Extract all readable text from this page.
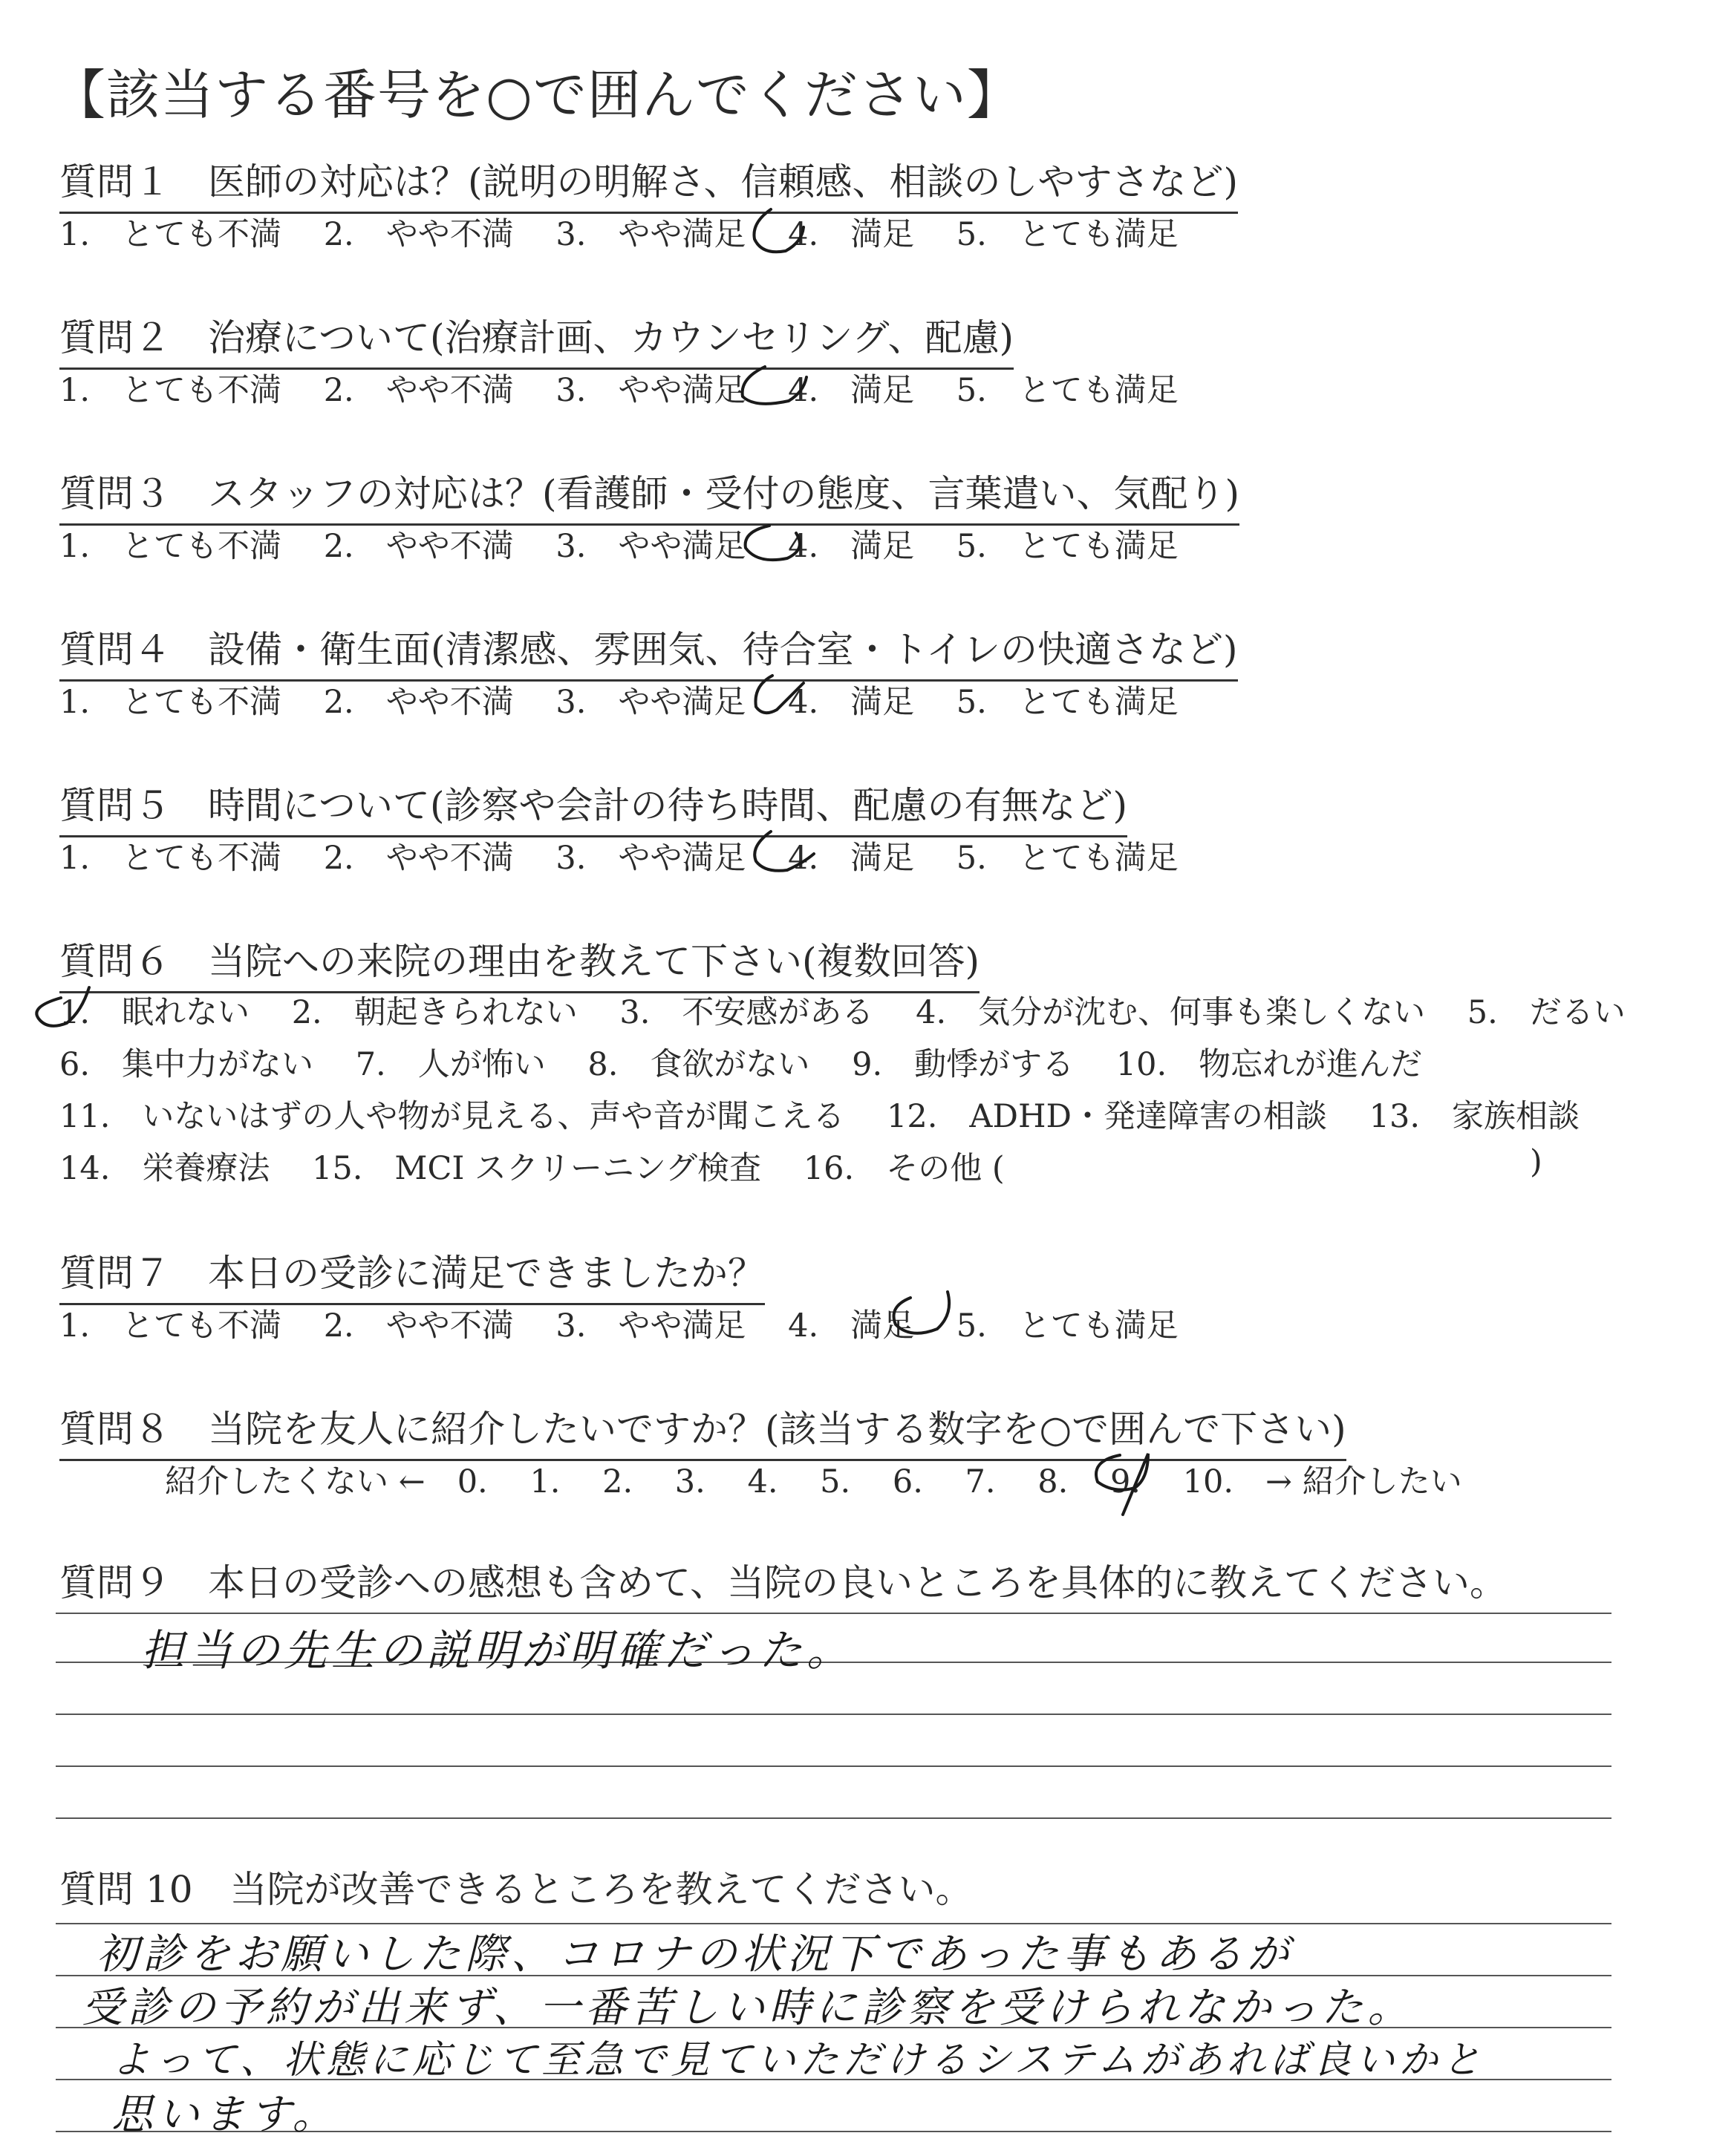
【該当する番号を○で囲んでください】
質問１　医師の対応は？(説明の明解さ、信頼感、相談のしやすさなど)
1.　とても不満　 2.　やや不満　 3.　やや満足　 4.　満足　 5.　とても満足
質問２　治療について(治療計画、カウンセリング、配慮)
1.　とても不満　 2.　やや不満　 3.　やや満足　 4.　満足　 5.　とても満足
質問３　スタッフの対応は？(看護師・受付の態度、言葉遣い、気配り)
1.　とても不満　 2.　やや不満　 3.　やや満足　 4.　満足　 5.　とても満足
質問４　設備・衛生面(清潔感、雰囲気、待合室・トイレの快適さなど)
1.　とても不満　 2.　やや不満　 3.　やや満足　 4.　満足　 5.　とても満足
質問５　時間について(診察や会計の待ち時間、配慮の有無など)
1.　とても不満　 2.　やや不満　 3.　やや満足　 4.　満足　 5.　とても満足
質問６　当院への来院の理由を教えて下さい(複数回答)
1.　眠れない　 2.　朝起きられない　 3.　不安感がある　 4.　気分が沈む、何事も楽しくない　 5.　だるい
6.　集中力がない　 7.　人が怖い　 8.　食欲がない　 9.　動悸がする　 10.　物忘れが進んだ
11.　いないはずの人や物が見える、声や音が聞こえる　 12.　ADHD・発達障害の相談　 13.　家族相談
14.　栄養療法　 15.　MCI スクリーニング検査　 16.　その他 (	)
質問７　本日の受診に満足できましたか？
1.　とても不満　 2.　やや不満　 3.　やや満足　 4.　満足　 5.　とても満足
質問８　当院を友人に紹介したいですか？(該当する数字を○で囲んで下さい)
紹介したくない ←　0.　 1.　 2.　 3.　 4.　 5.　 6.　 7.　 8.　 9.　 10.　→ 紹介したい
質問９　本日の受診への感想も含めて、当院の良いところを具体的に教えてください。
担当の先生の説明が明確だった。
質問 10　当院が改善できるところを教えてください。
初診をお願いした際、コロナの状況下であった事もあるが
受診の予約が出来ず、一番苦しい時に診察を受けられなかった。
よって、状態に応じて至急で見ていただけるシステムがあれば良いかと
思います。
